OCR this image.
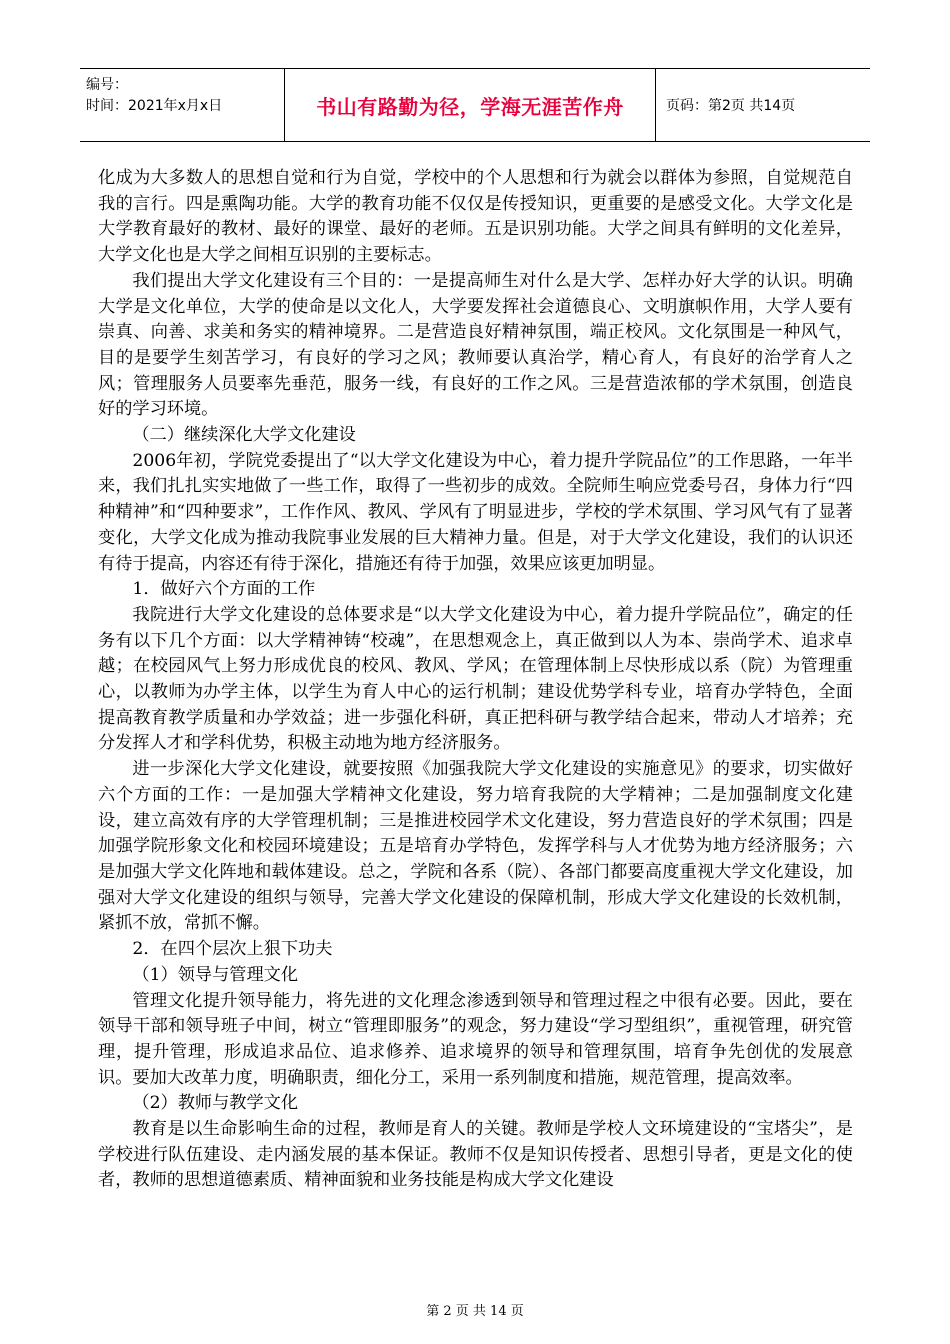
编号：
时间：2021年x月x日	书山有路勤为径，学海无涯苦作舟	页码：第2页 共14页

化成为大多数人的思想自觉和行为自觉，学校中的个人思想和行为就会以群体为参照，自觉规范自我的言行。四是熏陶功能。大学的教育功能不仅仅是传授知识，更重要的是感受文化。大学文化是大学教育最好的教材、最好的课堂、最好的老师。五是识别功能。大学之间具有鲜明的文化差异，大学文化也是大学之间相互识别的主要标志。

我们提出大学文化建设有三个目的：一是提高师生对什么是大学、怎样办好大学的认识。明确大学是文化单位，大学的使命是以文化人，大学要发挥社会道德良心、文明旗帜作用，大学人要有崇真、向善、求美和务实的精神境界。二是营造良好精神氛围，端正校风。文化氛围是一种风气，目的是要学生刻苦学习，有良好的学习之风；教师要认真治学，精心育人，有良好的治学育人之风；管理服务人员要率先垂范，服务一线，有良好的工作之风。三是营造浓郁的学术氛围，创造良好的学习环境。

（二）继续深化大学文化建设

2006年初，学院党委提出了“以大学文化建设为中心，着力提升学院品位”的工作思路，一年半来，我们扎扎实实地做了一些工作，取得了一些初步的成效。全院师生响应党委号召，身体力行“四种精神”和“四种要求”，工作作风、教风、学风有了明显进步，学校的学术氛围、学习风气有了显著变化，大学文化成为推动我院事业发展的巨大精神力量。但是，对于大学文化建设，我们的认识还有待于提高，内容还有待于深化，措施还有待于加强，效果应该更加明显。

1．做好六个方面的工作

我院进行大学文化建设的总体要求是“以大学文化建设为中心，着力提升学院品位”，确定的任务有以下几个方面：以大学精神铸“校魂”，在思想观念上，真正做到以人为本、崇尚学术、追求卓越；在校园风气上努力形成优良的校风、教风、学风；在管理体制上尽快形成以系（院）为管理重心，以教师为办学主体，以学生为育人中心的运行机制；建设优势学科专业，培育办学特色，全面提高教育教学质量和办学效益；进一步强化科研，真正把科研与教学结合起来，带动人才培养；充分发挥人才和学科优势，积极主动地为地方经济服务。

进一步深化大学文化建设，就要按照《加强我院大学文化建设的实施意见》的要求，切实做好六个方面的工作：一是加强大学精神文化建设，努力培育我院的大学精神；二是加强制度文化建设，建立高效有序的大学管理机制；三是推进校园学术文化建设，努力营造良好的学术氛围；四是加强学院形象文化和校园环境建设；五是培育办学特色，发挥学科与人才优势为地方经济服务；六是加强大学文化阵地和载体建设。总之，学院和各系（院）、各部门都要高度重视大学文化建设，加强对大学文化建设的组织与领导，完善大学文化建设的保障机制，形成大学文化建设的长效机制，紧抓不放，常抓不懈。

2．在四个层次上狠下功夫

（1）领导与管理文化

管理文化提升领导能力，将先进的文化理念渗透到领导和管理过程之中很有必要。因此，要在领导干部和领导班子中间，树立“管理即服务”的观念，努力建设“学习型组织”，重视管理，研究管理，提升管理，形成追求品位、追求修养、追求境界的领导和管理氛围，培育争先创优的发展意识。要加大改革力度，明确职责，细化分工，采用一系列制度和措施，规范管理，提高效率。

（2）教师与教学文化

教育是以生命影响生命的过程，教师是育人的关键。教师是学校人文环境建设的“宝塔尖”，是学校进行队伍建设、走内涵发展的基本保证。教师不仅是知识传授者、思想引导者，更是文化的使者，教师的思想道德素质、精神面貌和业务技能是构成大学文化建设

第 2 页 共 14 页
